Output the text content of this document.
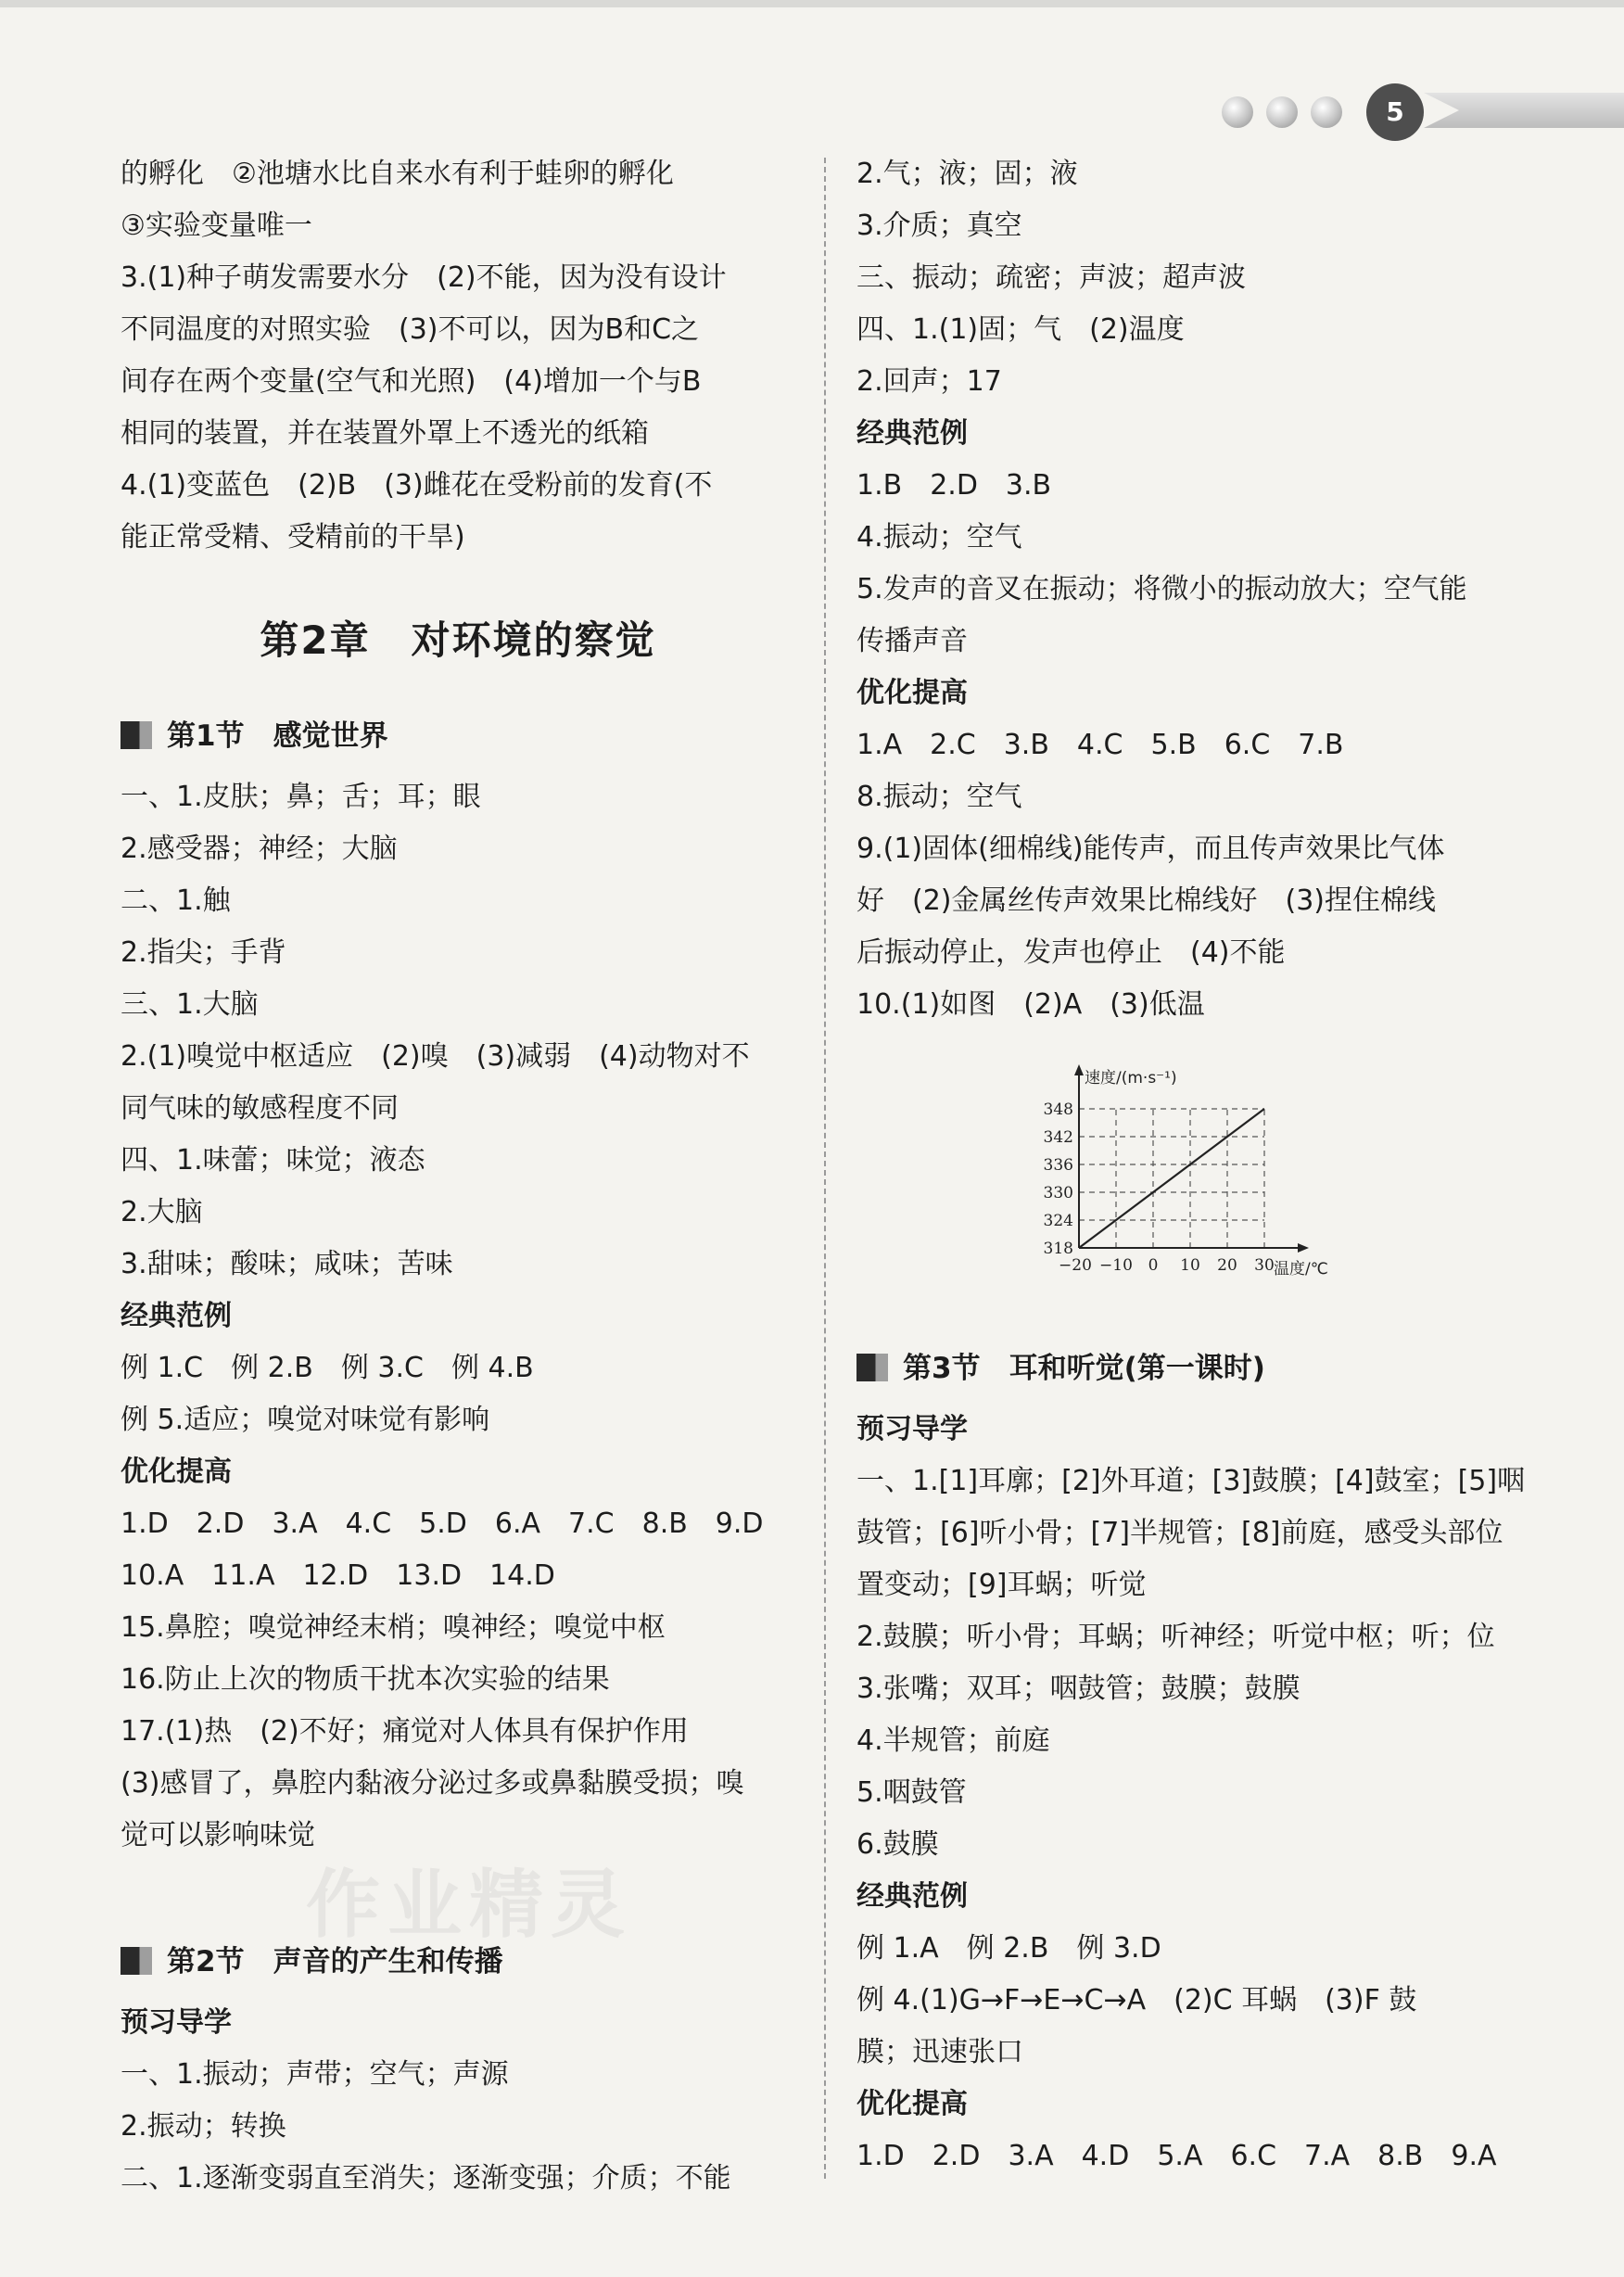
5
作业精灵
的孵化　②池塘水比自来水有利于蛙卵的孵化
③实验变量唯一
3.(1)种子萌发需要水分　(2)不能，因为没有设计
不同温度的对照实验　(3)不可以，因为B和C之
间存在两个变量(空气和光照)　(4)增加一个与B
相同的装置，并在装置外罩上不透光的纸箱
4.(1)变蓝色　(2)B　(3)雌花在受粉前的发育(不
能正常受精、受精前的干旱)
第2章　对环境的察觉
第1节　感觉世界
一、1.皮肤；鼻；舌；耳；眼
2.感受器；神经；大脑
二、1.触
2.指尖；手背
三、1.大脑
2.(1)嗅觉中枢适应　(2)嗅　(3)减弱　(4)动物对不
同气味的敏感程度不同
四、1.味蕾；味觉；液态
2.大脑
3.甜味；酸味；咸味；苦味
经典范例
例 1.C　例 2.B　例 3.C　例 4.B
例 5.适应；嗅觉对味觉有影响
优化提高
1.D　2.D　3.A　4.C　5.D　6.A　7.C　8.B　9.D
10.A　11.A　12.D　13.D　14.D
15.鼻腔；嗅觉神经末梢；嗅神经；嗅觉中枢
16.防止上次的物质干扰本次实验的结果
17.(1)热　(2)不好；痛觉对人体具有保护作用
(3)感冒了，鼻腔内黏液分泌过多或鼻黏膜受损；嗅
觉可以影响味觉
第2节　声音的产生和传播
预习导学
一、1.振动；声带；空气；声源
2.振动；转换
二、1.逐渐变弱直至消失；逐渐变强；介质；不能
2.气；液；固；液
3.介质；真空
三、振动；疏密；声波；超声波
四、1.(1)固；气　(2)温度
2.回声；17
经典范例
1.B　2.D　3.B
4.振动；空气
5.发声的音叉在振动；将微小的振动放大；空气能
传播声音
优化提高
1.A　2.C　3.B　4.C　5.B　6.C　7.B
8.振动；空气
9.(1)固体(细棉线)能传声，而且传声效果比气体
好　(2)金属丝传声效果比棉线好　(3)捏住棉线
后振动停止，发声也停止　(4)不能
10.(1)如图　(2)A　(3)低温
318
324
330
336
342
348
−20 −10 0 10 20 30
速度/(m·s⁻¹)
温度/℃
第3节　耳和听觉(第一课时)
预习导学
一、1.[1]耳廓；[2]外耳道；[3]鼓膜；[4]鼓室；[5]咽
鼓管；[6]听小骨；[7]半规管；[8]前庭，感受头部位
置变动；[9]耳蜗；听觉
2.鼓膜；听小骨；耳蜗；听神经；听觉中枢；听；位
3.张嘴；双耳；咽鼓管；鼓膜；鼓膜
4.半规管；前庭
5.咽鼓管
6.鼓膜
经典范例
例 1.A　例 2.B　例 3.D
例 4.(1)G→F→E→C→A　(2)C 耳蜗　(3)F 鼓
膜；迅速张口
优化提高
1.D　2.D　3.A　4.D　5.A　6.C　7.A　8.B　9.A
